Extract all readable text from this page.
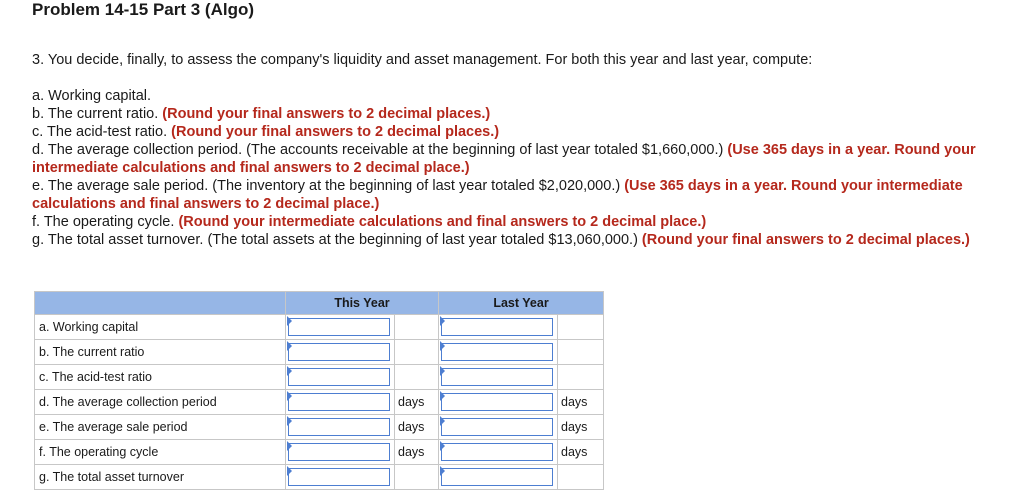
Problem 14-15 Part 3 (Algo)
3. You decide, finally, to assess the company's liquidity and asset management. For both this year and last year, compute:

a. Working capital.

b. The current ratio. (Round your final answers to 2 decimal places.)

c. The acid-test ratio. (Round your final answers to 2 decimal places.)

d. The average collection period. (The accounts receivable at the beginning of last year totaled $1,660,000.) (Use 365 days in a year. Round your intermediate calculations and final answers to 2 decimal place.)

e. The average sale period. (The inventory at the beginning of last year totaled $2,020,000.) (Use 365 days in a year. Round your intermediate calculations and final answers to 2 decimal place.)

f. The operating cycle. (Round your intermediate calculations and final answers to 2 decimal place.)

g. The total asset turnover. (The total assets at the beginning of last year totaled $13,060,000.) (Round your final answers to 2 decimal places.)

	This Year		Last Year	
a. Working capital	

b. The current ratio	

c. The acid-test ratio	

d. The average collection period		days		days
e. The average sale period		days		days
f. The operating cycle		days		days
g. The total asset turnover	
